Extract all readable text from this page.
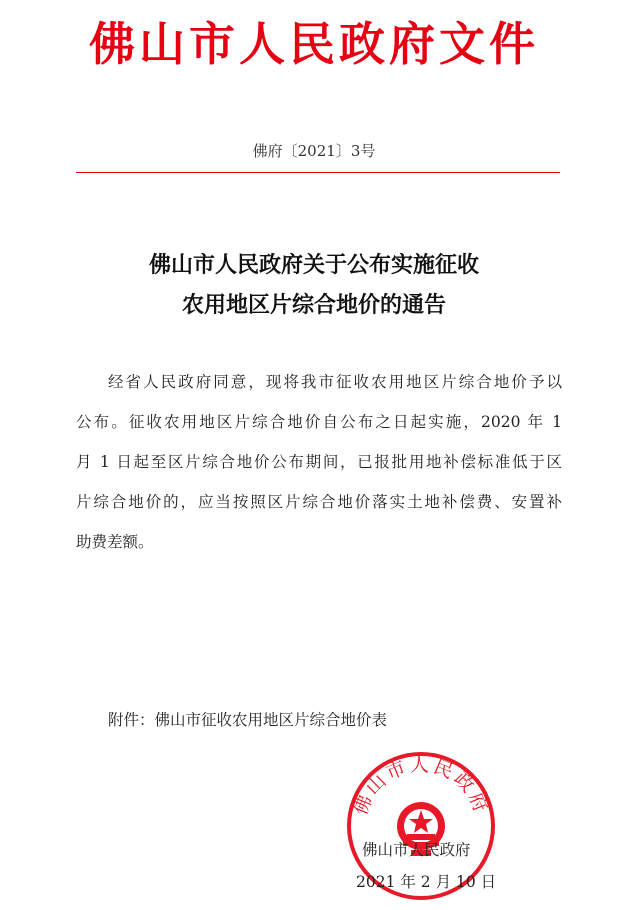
佛山市人民政府文件
佛府〔2021〕3号
佛山市人民政府关于公布实施征收
农用地区片综合地价的通告
经省人民政府同意，现将我市征收农用地区片综合地价予以
公布。征收农用地区片综合地价自公布之日起实施，2020 年 1
月 1 日起至区片综合地价公布期间，已报批用地补偿标准低于区
片综合地价的，应当按照区片综合地价落实土地补偿费、安置补
助费差额。
附件：佛山市征收农用地区片综合地价表
佛山市人民政府
佛山市人民政府
2021 年 2 月 10 日
